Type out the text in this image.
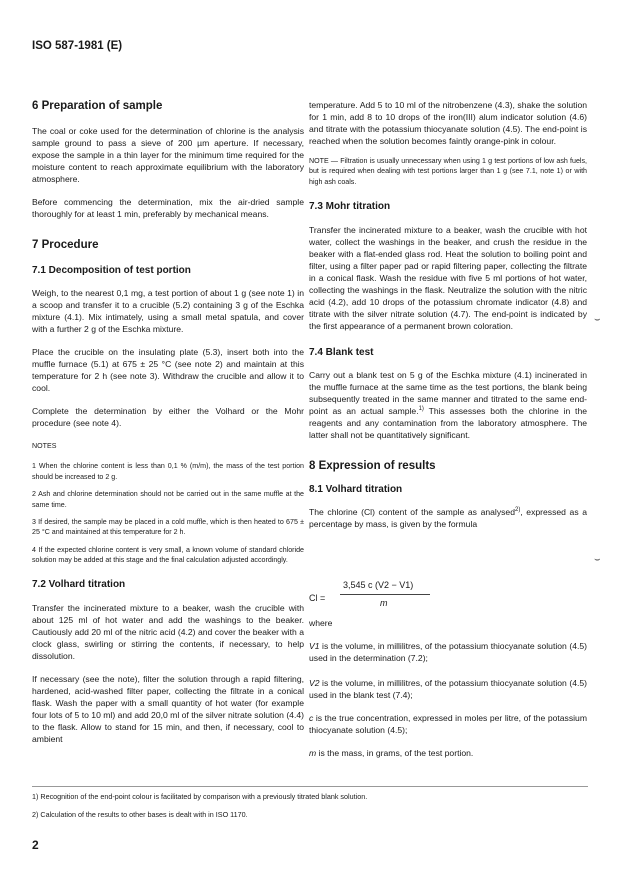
ISO 587-1981 (E)

6 Preparation of sample

The coal or coke used for the determination of chlorine is the analysis sample ground to pass a sieve of 200 µm aperture. If necessary, expose the sample in a thin layer for the minimum time required for the moisture content to reach approximate equilibrium with the laboratory atmosphere.

Before commencing the determination, mix the air-dried sample thoroughly for at least 1 min, preferably by mechanical means.

7 Procedure

7.1 Decomposition of test portion

Weigh, to the nearest 0,1 mg, a test portion of about 1 g (see note 1) in a scoop and transfer it to a crucible (5.2) containing 3 g of the Eschka mixture (4.1). Mix intimately, using a small metal spatula, and cover with a further 2 g of the Eschka mixture.

Place the crucible on the insulating plate (5.3), insert both into the muffle furnace (5.1) at 675 ± 25 °C (see note 2) and maintain at this temperature for 2 h (see note 3). Withdraw the crucible and allow it to cool.

Complete the determination by either the Volhard or the Mohr procedure (see note 4).

NOTES

1 When the chlorine content is less than 0,1 % (m/m), the mass of the test portion should be increased to 2 g.

2 Ash and chlorine determination should not be carried out in the same muffle at the same time.

3 If desired, the sample may be placed in a cold muffle, which is then heated to 675 ± 25 °C and maintained at this temperature for 2 h.

4 If the expected chlorine content is very small, a known volume of standard chloride solution may be added at this stage and the final calculation adjusted accordingly.

7.2 Volhard titration

Transfer the incinerated mixture to a beaker, wash the crucible with about 125 ml of hot water and add the washings to the beaker. Cautiously add 20 ml of the nitric acid (4.2) and cover the beaker with a clock glass, swirling or stirring the contents, if necessary, to help dissolution.

If necessary (see the note), filter the solution through a rapid filtering, hardened, acid-washed filter paper, collecting the filtrate in a conical flask. Wash the paper with a small quantity of hot water (for example four lots of 5 to 10 ml) and add 20,0 ml of the silver nitrate solution (4.4) to the flask. Allow to stand for 15 min, and then, if necessary, cool to ambient

temperature. Add 5 to 10 ml of the nitrobenzene (4.3), shake the solution for 1 min, add 8 to 10 drops of the iron(III) alum indicator solution (4.6) and titrate with the potassium thiocyanate solution (4.5). The end-point is reached when the solution becomes faintly orange-pink in colour.

NOTE — Filtration is usually unnecessary when using 1 g test portions of low ash fuels, but is required when dealing with test portions larger than 1 g (see 7.1, note 1) or with high ash coals.

7.3 Mohr titration

Transfer the incinerated mixture to a beaker, wash the crucible with hot water, collect the washings in the beaker, and crush the residue in the beaker with a flat-ended glass rod. Heat the solution to boiling point and filter, using a filter paper pad or rapid filtering paper, collecting the filtrate in a conical flask. Wash the residue with five 5 ml portions of hot water, collecting the washings in the flask. Neutralize the solution with the nitric acid (4.2), add 10 drops of the potassium chromate indicator (4.8) and titrate with the silver nitrate solution (4.7). The end-point is indicated by the first appearance of a permanent brown coloration.

7.4 Blank test

Carry out a blank test on 5 g of the Eschka mixture (4.1) incinerated in the muffle furnace at the same time as the test portions, the blank being subsequently treated in the same manner and titrated to the same end-point as an actual sample.$^{1)}$ This assesses both the chlorine in the reagents and any contamination from the laboratory atmosphere. The latter shall not be quantitatively significant.

8 Expression of results

8.1 Volhard titration

The chlorine (Cl) content of the sample as analysed$^{2)}$, expressed as a percentage by mass, is given by the formula

Cl =
3,545 c (V2 − V1)
m

where

V1 is the volume, in millilitres, of the potassium thiocyanate solution (4.5) used in the determination (7.2);

V2 is the volume, in millilitres, of the potassium thiocyanate solution (4.5) used in the blank test (7.4);

c is the true concentration, expressed in moles per litre, of the potassium thiocyanate solution (4.5);

m is the mass, in grams, of the test portion.

⌣
⌣
1) Recognition of the end-point colour is facilitated by comparison with a previously titrated blank solution.
2) Calculation of the results to other bases is dealt with in ISO 1170.
2
